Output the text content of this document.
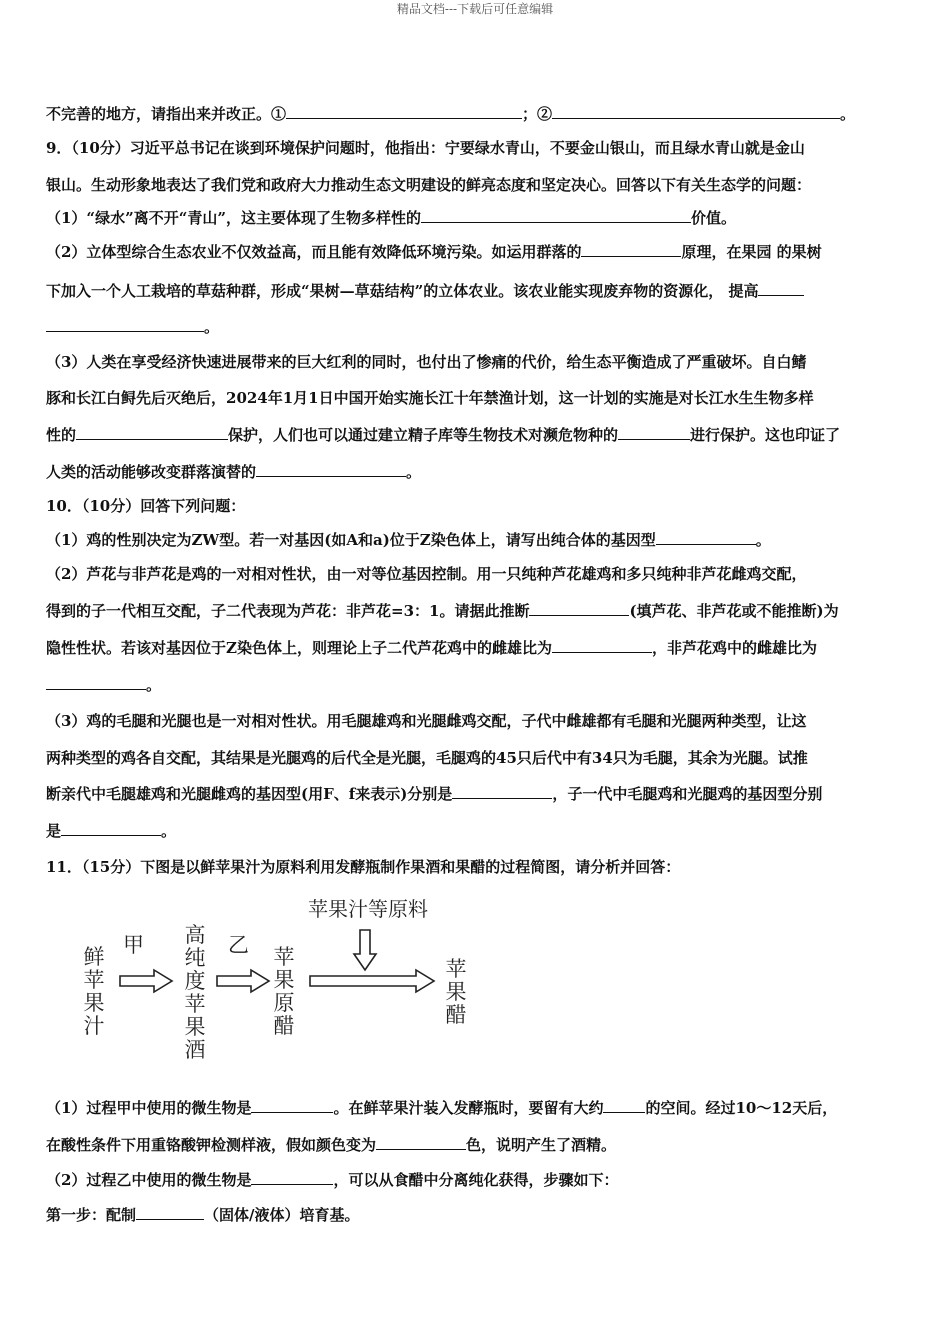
精品文档---下载后可任意编辑
不完善的地方，请指出来并改正。①	；②	。
9．（10分）习近平总书记在谈到环境保护问题时，他指出：宁要绿水青山，不要金山银山，而且绿水青山就是金山
银山。生动形象地表达了我们党和政府大力推动生态文明建设的鲜亮态度和坚定决心。回答以下有关生态学的问题：
（1）“绿水”离不开“青山”，这主要体现了生物多样性的	价值。
（2）立体型综合生态农业不仅效益高，而且能有效降低环境污染。如运用群落的	原理，在果园 的果树
下加入一个人工栽培的草菇种群，形成“果树—草菇结构”的立体农业。该农业能实现废弃物的资源化， 提高
。
（3）人类在享受经济快速进展带来的巨大红利的同时，也付出了惨痛的代价，给生态平衡造成了严重破坏。自白鳍
豚和长江白鲟先后灭绝后，2024年1月1日中国开始实施长江十年禁渔计划，这一计划的实施是对长江水生生物多样
性的	保护，人们也可以通过建立精子库等生物技术对濒危物种的	进行保护。这也印证了
人类的活动能够改变群落演替的	。
10．（10分）回答下列问题：
（1）鸡的性别决定为ZW型。若一对基因(如A和a)位于Z染色体上，请写出纯合体的基因型	。
（2）芦花与非芦花是鸡的一对相对性状，由一对等位基因控制。用一只纯种芦花雄鸡和多只纯种非芦花雌鸡交配，
得到的子一代相互交配，子二代表现为芦花：非芦花=3：1。请据此推断	(填芦花、非芦花或不能推断)为
隐性性状。若该对基因位于Z染色体上，则理论上子二代芦花鸡中的雌雄比为	，非芦花鸡中的雌雄比为
。
（3）鸡的毛腿和光腿也是一对相对性状。用毛腿雄鸡和光腿雌鸡交配，子代中雌雄都有毛腿和光腿两种类型，让这
两种类型的鸡各自交配，其结果是光腿鸡的后代全是光腿，毛腿鸡的45只后代中有34只为毛腿，其余为光腿。试推
断亲代中毛腿雄鸡和光腿雌鸡的基因型(用F、f来表示)分别是	，子一代中毛腿鸡和光腿鸡的基因型分别
是	。
11．（15分）下图是以鲜苹果汁为原料利用发酵瓶制作果酒和果醋的过程简图，请分析并回答：
鲜苹果汁
甲 高纯度苹果酒
乙 苹果原醋
苹果汁等原料
苹果醋
（1）过程甲中使用的微生物是	。在鲜苹果汁装入发酵瓶时，要留有大约	的空间。经过10～12天后，
在酸性条件下用重铬酸钾检测样液，假如颜色变为	色，说明产生了酒精。
（2）过程乙中使用的微生物是	，可以从食醋中分离纯化获得，步骤如下：
第一步：配制	（固体/液体）培育基。
